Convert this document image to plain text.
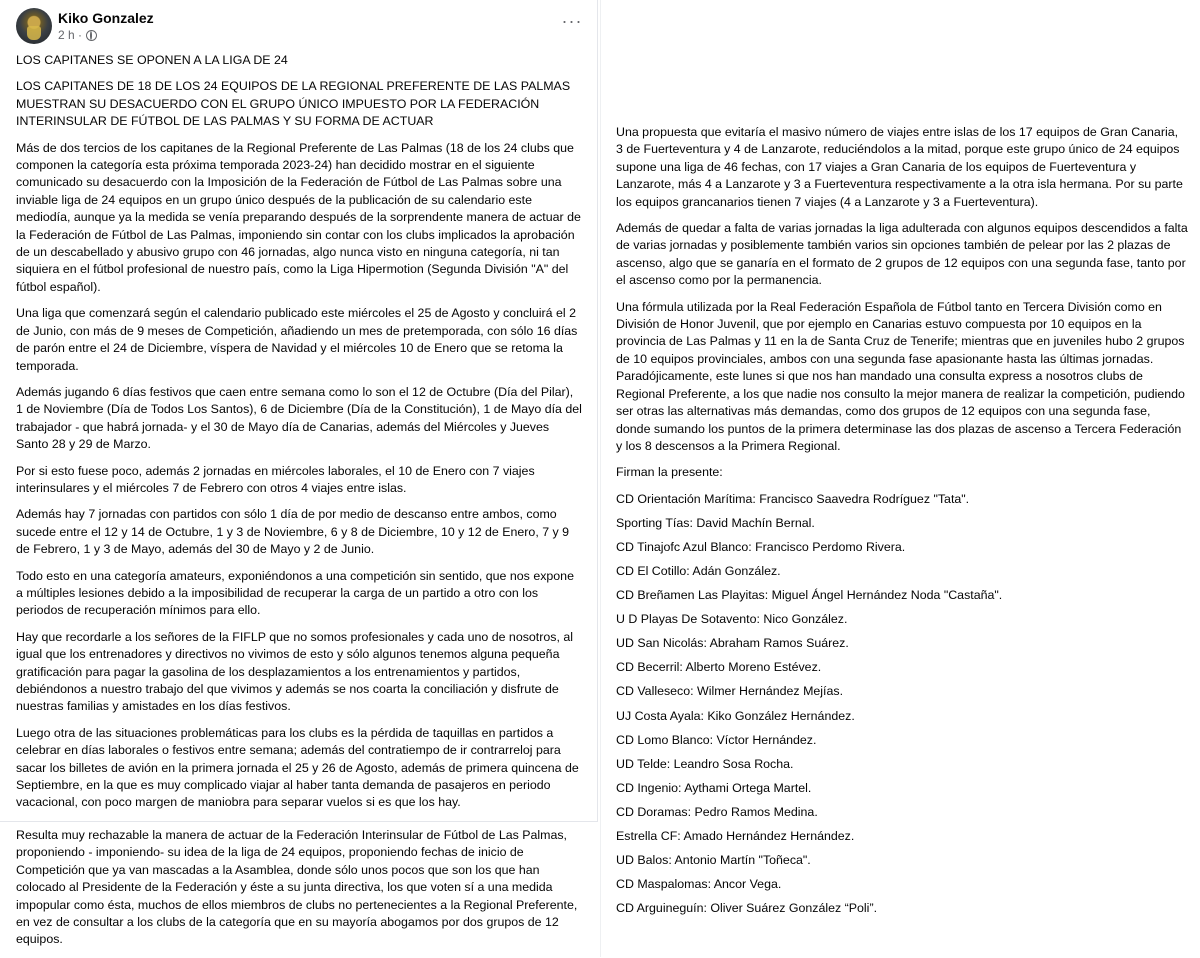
Kiko Gonzalez
2 h ·
···

LOS CAPITANES SE OPONEN A LA LIGA DE 24

LOS CAPITANES DE 18 DE LOS 24 EQUIPOS DE LA REGIONAL PREFERENTE DE LAS PALMAS MUESTRAN SU DESACUERDO CON EL GRUPO ÚNICO IMPUESTO POR LA FEDERACIÓN INTERINSULAR DE FÚTBOL DE LAS PALMAS Y SU FORMA DE ACTUAR

Más de dos tercios de los capitanes de la Regional Preferente de Las Palmas (18 de los 24 clubs que componen la categoría esta próxima temporada 2023-24) han decidido mostrar en el siguiente comunicado su desacuerdo con la Imposición de la Federación de Fútbol de Las Palmas sobre una inviable liga de 24 equipos en un grupo único después de la publicación de su calendario este mediodía, aunque ya la medida se venía preparando después de la sorprendente manera de actuar de la Federación de Fútbol de Las Palmas, imponiendo sin contar con los clubs implicados la aprobación de un descabellado y abusivo grupo con 46 jornadas, algo nunca visto en ninguna categoría, ni tan siquiera en el fútbol profesional de nuestro país, como la Liga Hipermotion (Segunda División "A" del fútbol español).

Una liga que comenzará según el calendario publicado este miércoles el 25 de Agosto y concluirá el 2 de Junio, con más de 9 meses de Competición, añadiendo un mes de pretemporada, con sólo 16 días de parón entre el 24 de Diciembre, víspera de Navidad y el miércoles 10 de Enero que se retoma la temporada.

Además jugando 6 días festivos que caen entre semana como lo son el 12 de Octubre (Día del Pilar), 1 de Noviembre (Día de Todos Los Santos), 6 de Diciembre (Día de la Constitución), 1 de Mayo día del trabajador - que habrá jornada- y el 30 de Mayo día de Canarias, además del Miércoles y Jueves Santo 28 y 29 de Marzo.

Por si esto fuese poco, además 2 jornadas en miércoles laborales, el 10 de Enero con 7 viajes interinsulares y el miércoles 7 de Febrero con otros 4 viajes entre islas.

Además hay 7 jornadas con partidos con sólo 1 día de por medio de descanso entre ambos, como sucede entre el 12 y 14 de Octubre, 1 y 3 de Noviembre, 6 y 8 de Diciembre, 10 y 12 de Enero, 7 y 9 de Febrero, 1 y 3 de Mayo, además del 30 de Mayo y 2 de Junio.

Todo esto en una categoría amateurs, exponiéndonos a una competición sin sentido, que nos expone a múltiples lesiones debido a la imposibilidad de recuperar la carga de un partido a otro con los periodos de recuperación mínimos para ello.

Hay que recordarle a los señores de la FIFLP que no somos profesionales y cada uno de nosotros, al igual que los entrenadores y directivos no vivimos de esto y sólo algunos tenemos alguna pequeña gratificación para pagar la gasolina de los desplazamientos a los entrenamientos y partidos, debiéndonos a nuestro trabajo del que vivimos y además se nos coarta la conciliación y disfrute de nuestras familias y amistades en los días festivos.

Luego otra de las situaciones problemáticas para los clubs es la pérdida de taquillas en partidos a celebrar en días laborales o festivos entre semana; además del contratiempo de ir contrarreloj para sacar los billetes de avión en la primera jornada el 25 y 26 de Agosto, además de primera quincena de Septiembre, en la que es muy complicado viajar al haber tanta demanda de pasajeros en periodo vacacional, con poco margen de maniobra para separar vuelos si es que los hay.

Resulta muy rechazable la manera de actuar de la Federación Interinsular de Fútbol de Las Palmas, proponiendo - imponiendo- su idea de la liga de 24 equipos, proponiendo fechas de inicio de Competición que ya van mascadas a la Asamblea, donde sólo unos pocos que son los que han colocado al Presidente de la Federación y éste a su junta directiva, los que voten sí a una medida impopular como ésta, muchos de ellos miembros de clubs no pertenecientes a la Regional Preferente, en vez de consultar a los clubs de la categoría que en su mayoría abogamos por dos grupos de 12 equipos.

Una propuesta que evitaría el masivo número de viajes entre islas de los 17 equipos de Gran Canaria, 3 de Fuerteventura y 4 de Lanzarote, reduciéndolos a la mitad, porque este grupo único de 24 equipos supone una liga de 46 fechas, con 17 viajes a Gran Canaria de los equipos de Fuerteventura y Lanzarote, más 4 a Lanzarote y 3 a Fuerteventura respectivamente a la otra isla hermana. Por su parte los equipos grancanarios tienen 7 viajes (4 a Lanzarote y 3 a Fuerteventura).

Además de quedar a falta de varias jornadas la liga adulterada con algunos equipos descendidos a falta de varias jornadas y posiblemente también varios sin opciones también de pelear por las 2 plazas de ascenso, algo que se ganaría en el formato de 2 grupos de 12 equipos con una segunda fase, tanto por el ascenso como por la permanencia.

Una fórmula utilizada por la Real Federación Española de Fútbol tanto en Tercera División como en División de Honor Juvenil, que por ejemplo en Canarias estuvo compuesta por 10 equipos en la provincia de Las Palmas y 11 en la de Santa Cruz de Tenerife; mientras que en juveniles hubo 2 grupos de 10 equipos provinciales, ambos con una segunda fase apasionante hasta las últimas jornadas.

Paradójicamente, este lunes si que nos han mandado una consulta express a nosotros clubs de Regional Preferente, a los que nadie nos consulto la mejor manera de realizar la competición, pudiendo ser otras las alternativas más demandas, como dos grupos de 12 equipos con una segunda fase, donde sumando los puntos de la primera determinase las dos plazas de ascenso a Tercera Federación y los 8 descensos a la Primera Regional.

Firman la presente:

CD Orientación Marítima: Francisco Saavedra Rodríguez "Tata".
Sporting Tías: David Machín Bernal.
CD Tinajofc Azul Blanco: Francisco Perdomo Rivera.
CD El Cotillo: Adán González.
CD Breñamen Las Playitas: Miguel Ángel Hernández Noda "Castaña".
U D Playas De Sotavento: Nico González.
UD San Nicolás: Abraham Ramos Suárez.
CD Becerril: Alberto Moreno Estévez.
CD Valleseco: Wilmer Hernández Mejías.
UJ Costa Ayala: Kiko González Hernández.
CD Lomo Blanco: Víctor Hernández.
UD Telde: Leandro Sosa Rocha.
CD Ingenio: Aythami Ortega Martel.
CD Doramas: Pedro Ramos Medina.
Estrella CF: Amado Hernández Hernández.
UD Balos: Antonio Martín "Toñeca".
CD Maspalomas: Ancor Vega.
CD Arguineguín: Oliver Suárez González “Poli”.
